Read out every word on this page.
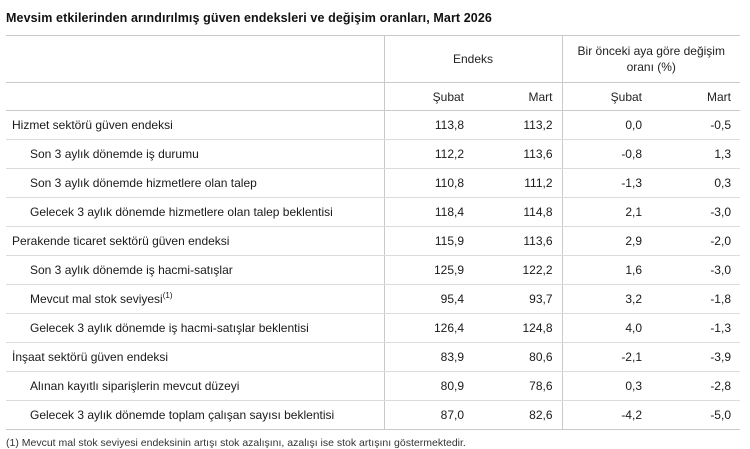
Mevsim etkilerinden arındırılmış güven endeksleri ve değişim oranları, Mart 2026
	Endeks		Bir önceki aya göre değişim oranı (%)	
	Şubat	Mart	Şubat	Mart
Hizmet sektörü güven endeksi	113,8	113,2	0,0	-0,5
Son 3 aylık dönemde iş durumu	112,2	113,6	-0,8	1,3
Son 3 aylık dönemde hizmetlere olan talep	110,8	111,2	-1,3	0,3
Gelecek 3 aylık dönemde hizmetlere olan talep beklentisi	118,4	114,8	2,1	-3,0
Perakende ticaret sektörü güven endeksi	115,9	113,6	2,9	-2,0
Son 3 aylık dönemde iş hacmi-satışlar	125,9	122,2	1,6	-3,0
Mevcut mal stok seviyesi$^{(1)}$	95,4	93,7	3,2	-1,8
Gelecek 3 aylık dönemde iş hacmi-satışlar beklentisi	126,4	124,8	4,0	-1,3
İnşaat sektörü güven endeksi	83,9	80,6	-2,1	-3,9
Alınan kayıtlı siparişlerin mevcut düzeyi	80,9	78,6	0,3	-2,8
Gelecek 3 aylık dönemde toplam çalışan sayısı beklentisi	87,0	82,6	-4,2	-5,0
(1) Mevcut mal stok seviyesi endeksinin artışı stok azalışını, azalışı ise stok artışını göstermektedir.
